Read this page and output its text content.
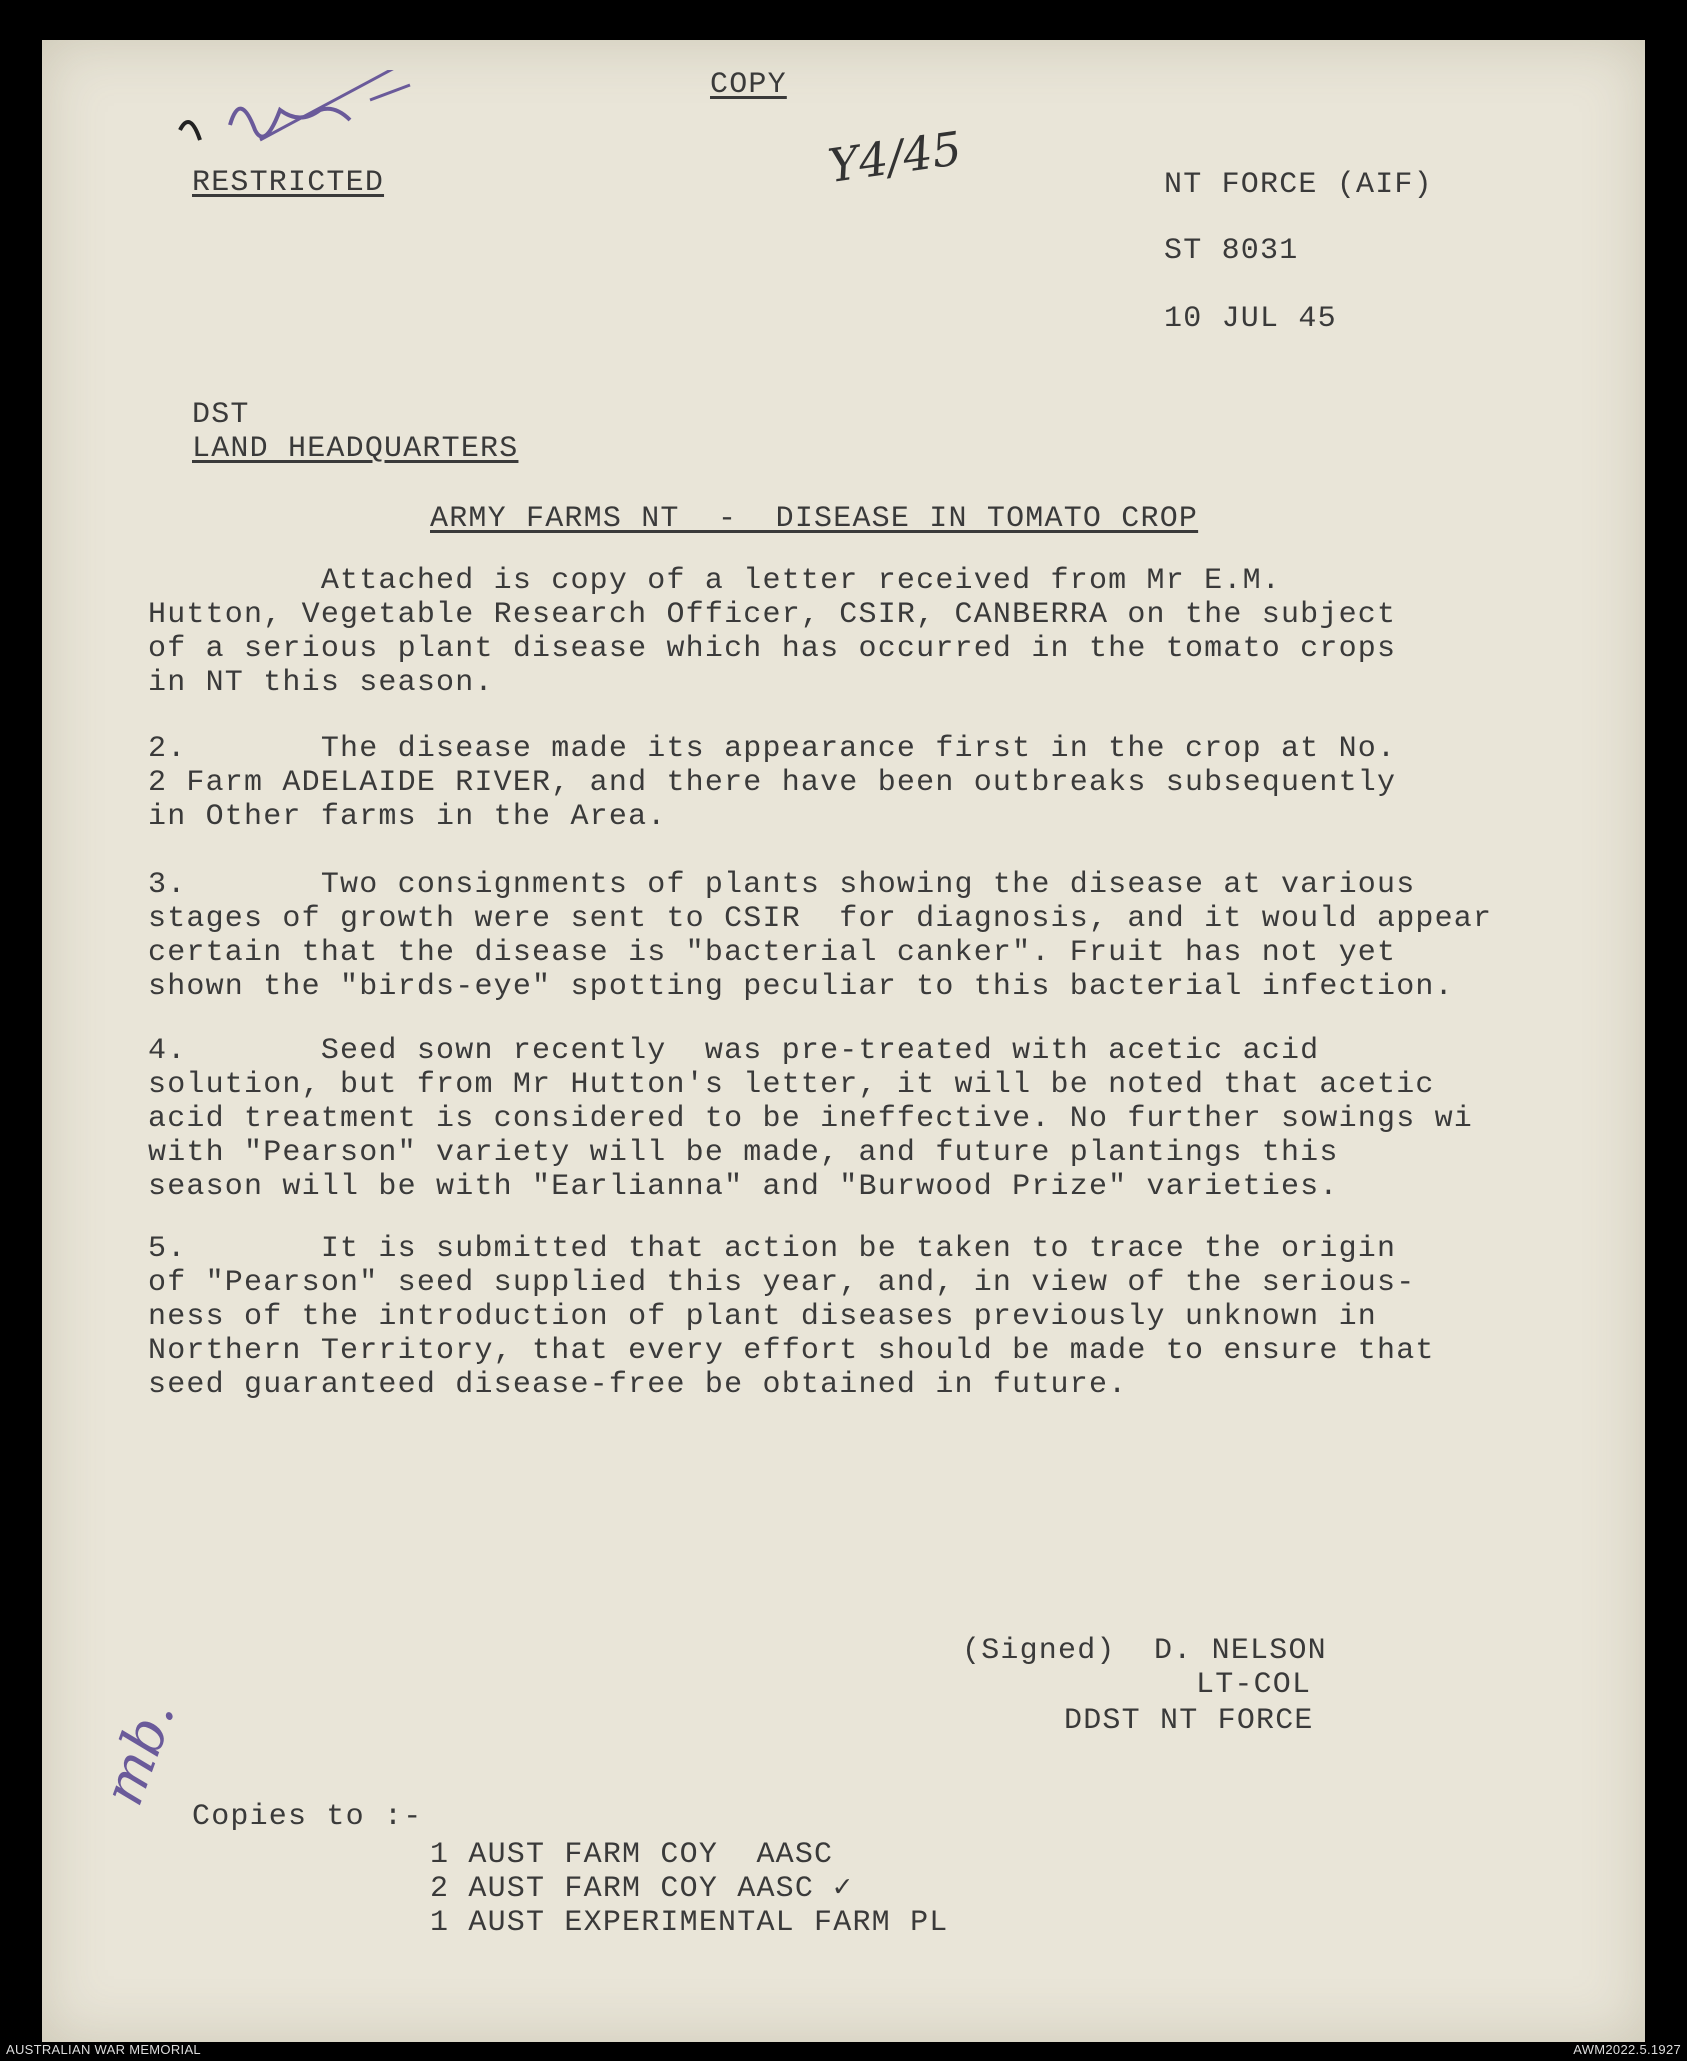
COPY
RESTRICTED	Y4/45	NT FORCE (AIF)
ST 8031
10 JUL 45
DST
LAND HEADQUARTERS
ARMY FARMS NT  -  DISEASE IN TOMATO CROP
Attached is copy of a letter received from Mr E.M.
Hutton, Vegetable Research Officer, CSIR, CANBERRA on the subject
of a serious plant disease which has occurred in the tomato crops
in NT this season.
2.       The disease made its appearance first in the crop at No.
2 Farm ADELAIDE RIVER, and there have been outbreaks subsequently
in Other farms in the Area.
3.       Two consignments of plants showing the disease at various
stages of growth were sent to CSIR  for diagnosis, and it would appear
certain that the disease is "bacterial canker". Fruit has not yet
shown the "birds-eye" spotting peculiar to this bacterial infection.
4.       Seed sown recently  was pre-treated with acetic acid
solution, but from Mr Hutton's letter, it will be noted that acetic
acid treatment is considered to be ineffective. No further sowings wi
with "Pearson" variety will be made, and future plantings this
season will be with "Earlianna" and "Burwood Prize" varieties.
5.       It is submitted that action be taken to trace the origin
of "Pearson" seed supplied this year, and, in view of the serious-
ness of the introduction of plant diseases previously unknown in
Northern Territory, that every effort should be made to ensure that
seed guaranteed disease-free be obtained in future.
(Signed)  D. NELSON
LT-COL
DDST NT FORCE
mb.
Copies to :-
1 AUST FARM COY  AASC
2 AUST FARM COY AASC ✓
1 AUST EXPERIMENTAL FARM PL
AUSTRALIAN WAR MEMORIAL	AWM2022.5.1927
